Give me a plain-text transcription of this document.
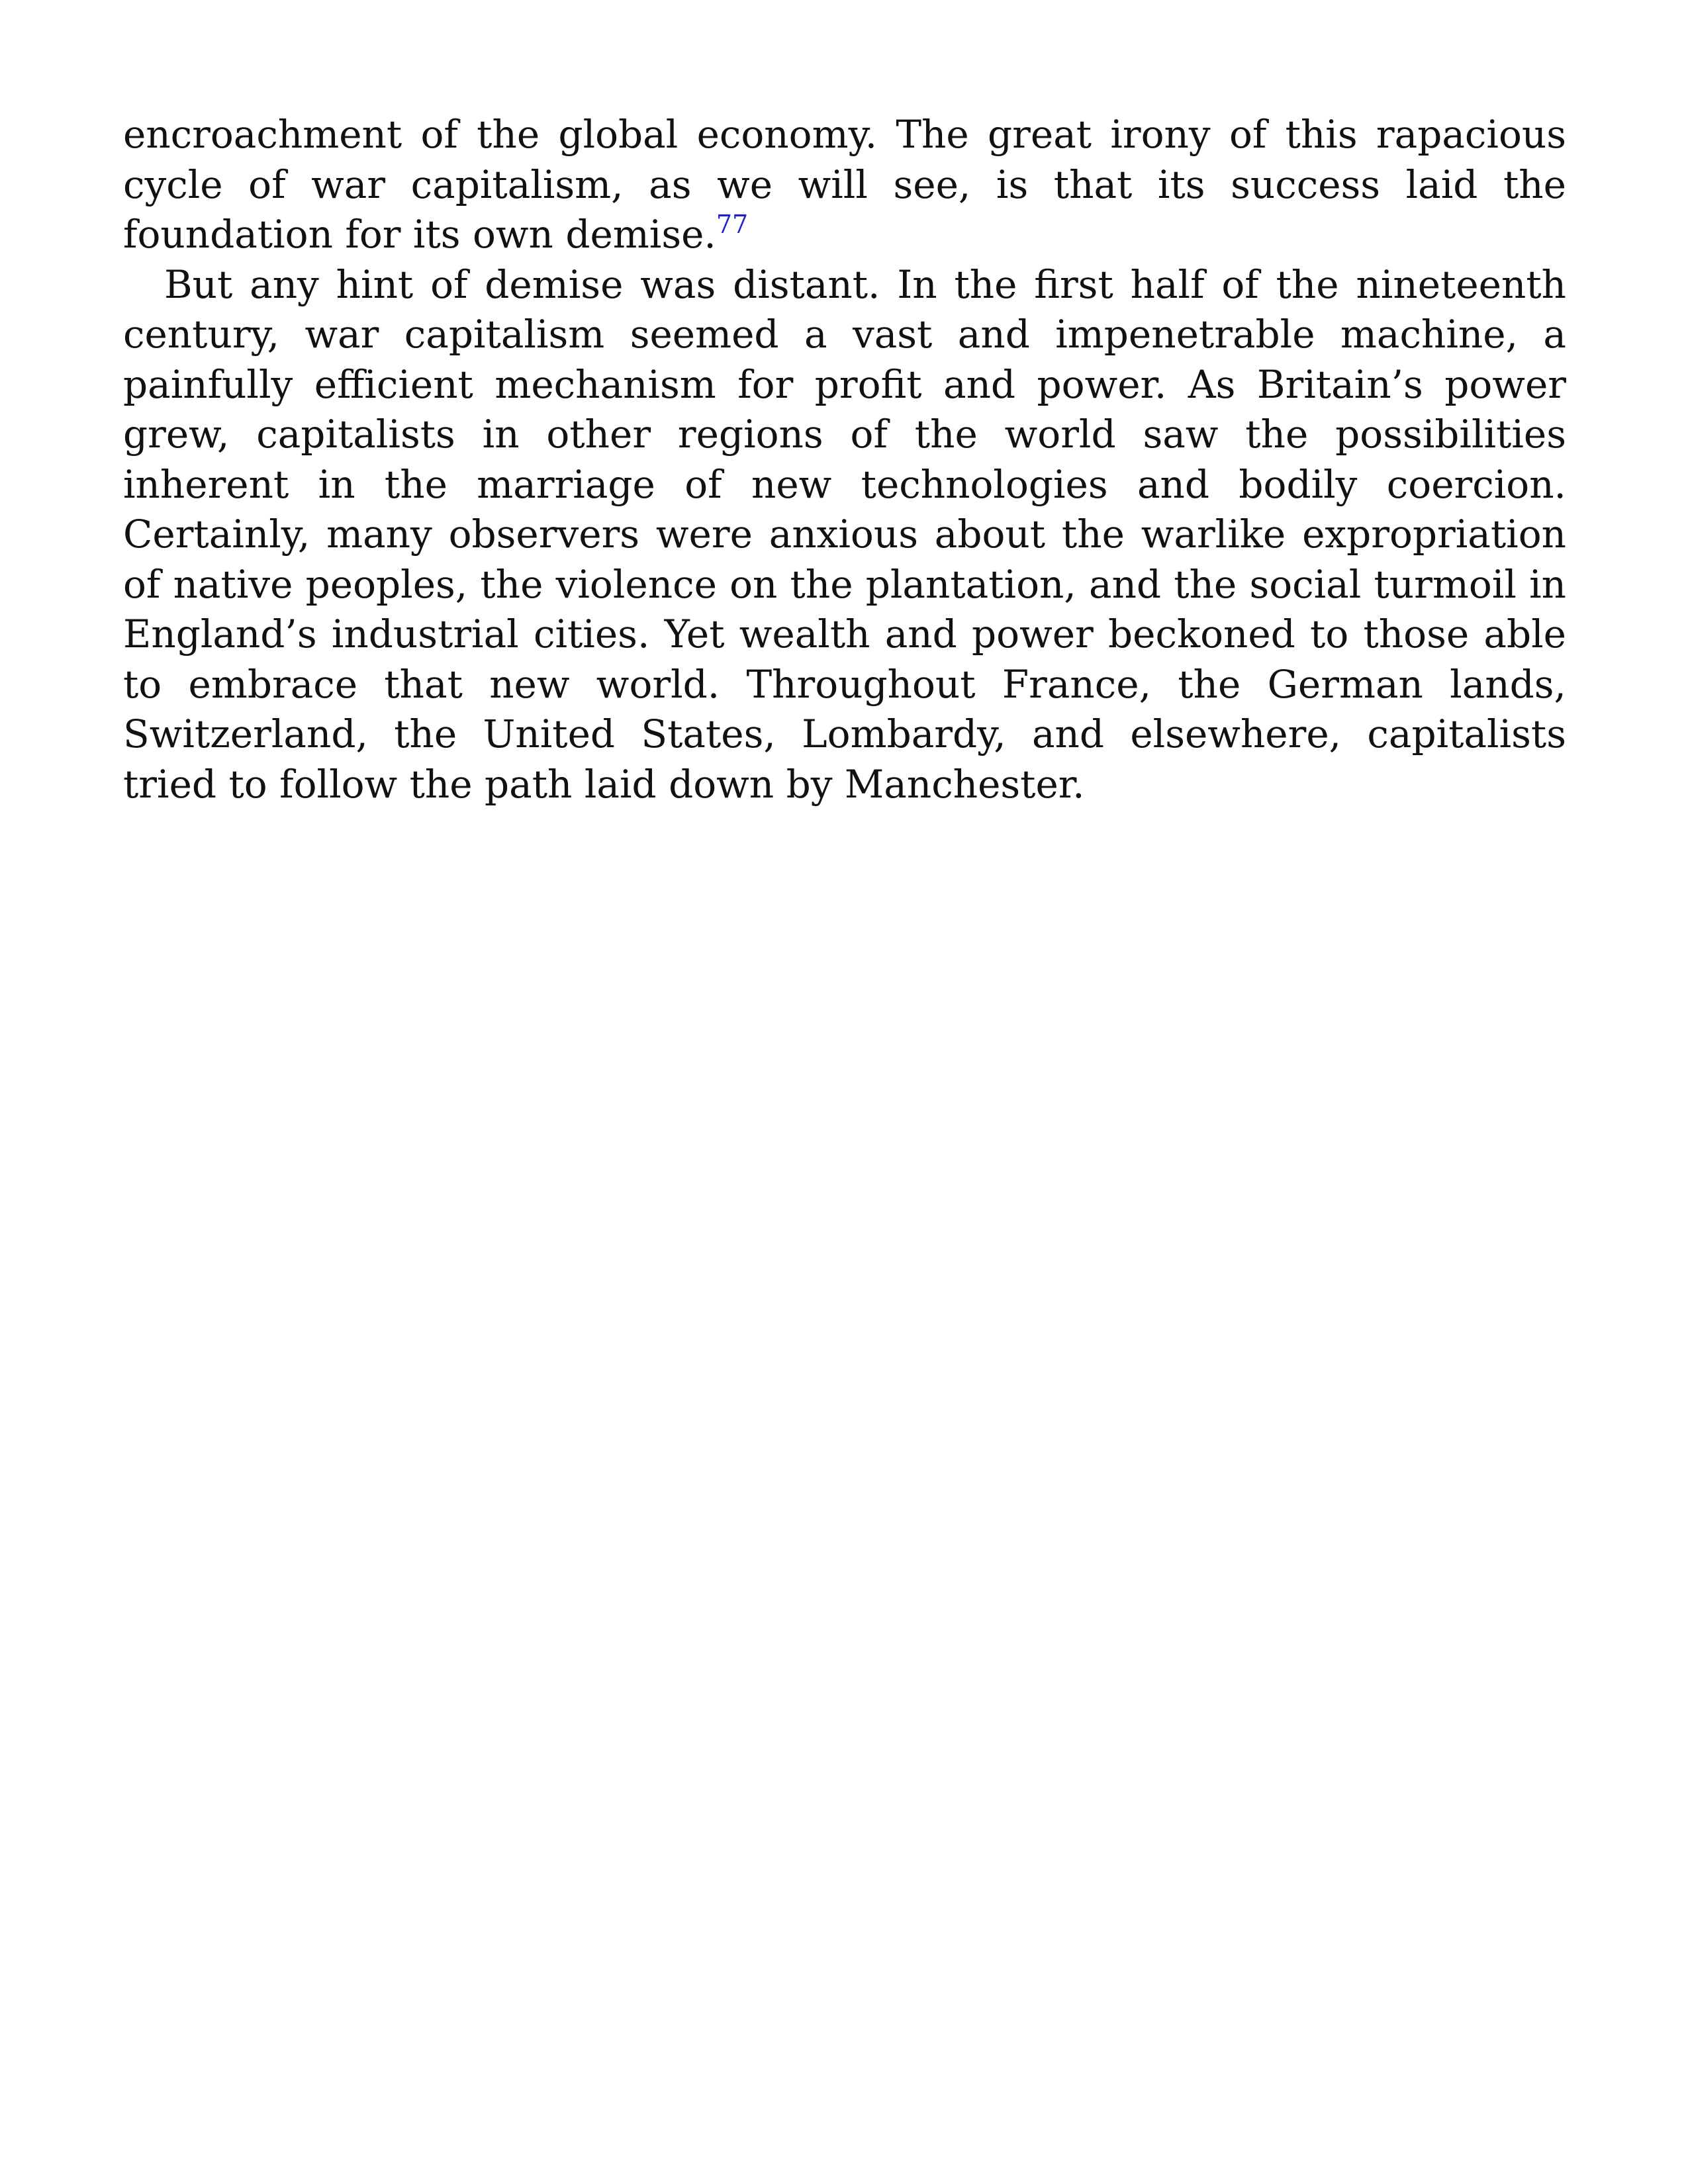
encroachment of the global economy. The great irony of this rapacious cycle of war capitalism, as we will see, is that its success laid the foundation for its own demise.$^{77}$

But any hint of demise was distant. In the first half of the nineteenth century, war capitalism seemed a vast and impenetrable machine, a painfully efficient mechanism for profit and power. As Britain’s power grew, capitalists in other regions of the world saw the possibilities inherent in the marriage of new technologies and bodily coercion. Certainly, many observers were anxious about the warlike expropriation of native peoples, the violence on the plantation, and the social turmoil in England’s industrial cities. Yet wealth and power beckoned to those able to embrace that new world. Throughout France, the German lands, Switzerland, the United States, Lombardy, and elsewhere, capitalists tried to follow the path laid down by Manchester.
